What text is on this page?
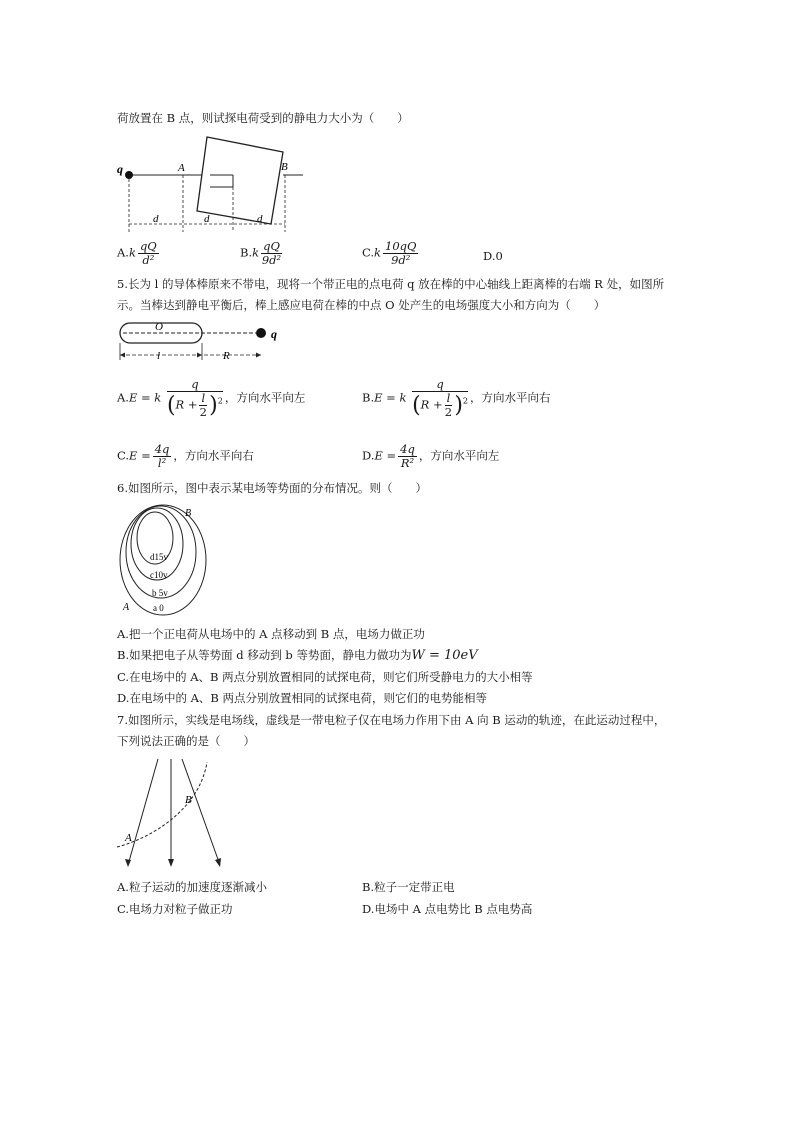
荷放置在 B 点，则试探电荷受到的静电力大小为（　　）
q	A	B
d	d	d
$A.k \frac{qQ}{\text{d²}}$	$B.k \frac{qQ}{\text{9d²}}$	$C.k \frac{10qQ}{\text{9d²}}$	D.0
5.长为 l 的导体棒原来不带电，现将一个带正电的点电荷 q 放在棒的中心轴线上距离棒的右端 R 处，如图所
示。当棒达到静电平衡后，棒上感应电荷在棒的中点 O 处产生的电场强度大小和方向为（　　）
O
l	R
q
A.E = k $\frac{q}{(R + \frac{l}{2} )^2}$ ，方向水平向左	B.E = k $\frac{q}{(R + \frac{l}{2} )^2}$ ，方向水平向右
$C.E = \frac{4q}{\text{l²}}$ ，方向水平向右	$D.E = \frac{4q}{\text{R²}}$ ，方向水平向左
6.如图所示，图中表示某电场等势面的分布情况。则（　　）
B
A
d15v
c10v
b 5v
a 0
A.把一个正电荷从电场中的 A 点移动到 B 点，电场力做正功
B.如果把电子从等势面 d 移动到 b 等势面，静电力做功为W = 10eV
C.在电场中的 A、B 两点分别放置相同的试探电荷，则它们所受静电力的大小相等
D.在电场中的 A、B 两点分别放置相同的试探电荷，则它们的电势能相等
7.如图所示，实线是电场线，虚线是一带电粒子仅在电场力作用下由 A 向 B 运动的轨迹，在此运动过程中，
下列说法正确的是（　　）
A
B
A.粒子运动的加速度逐渐减小	B.粒子一定带正电
C.电场力对粒子做正功	D.电场中 A 点电势比 B 点电势高
